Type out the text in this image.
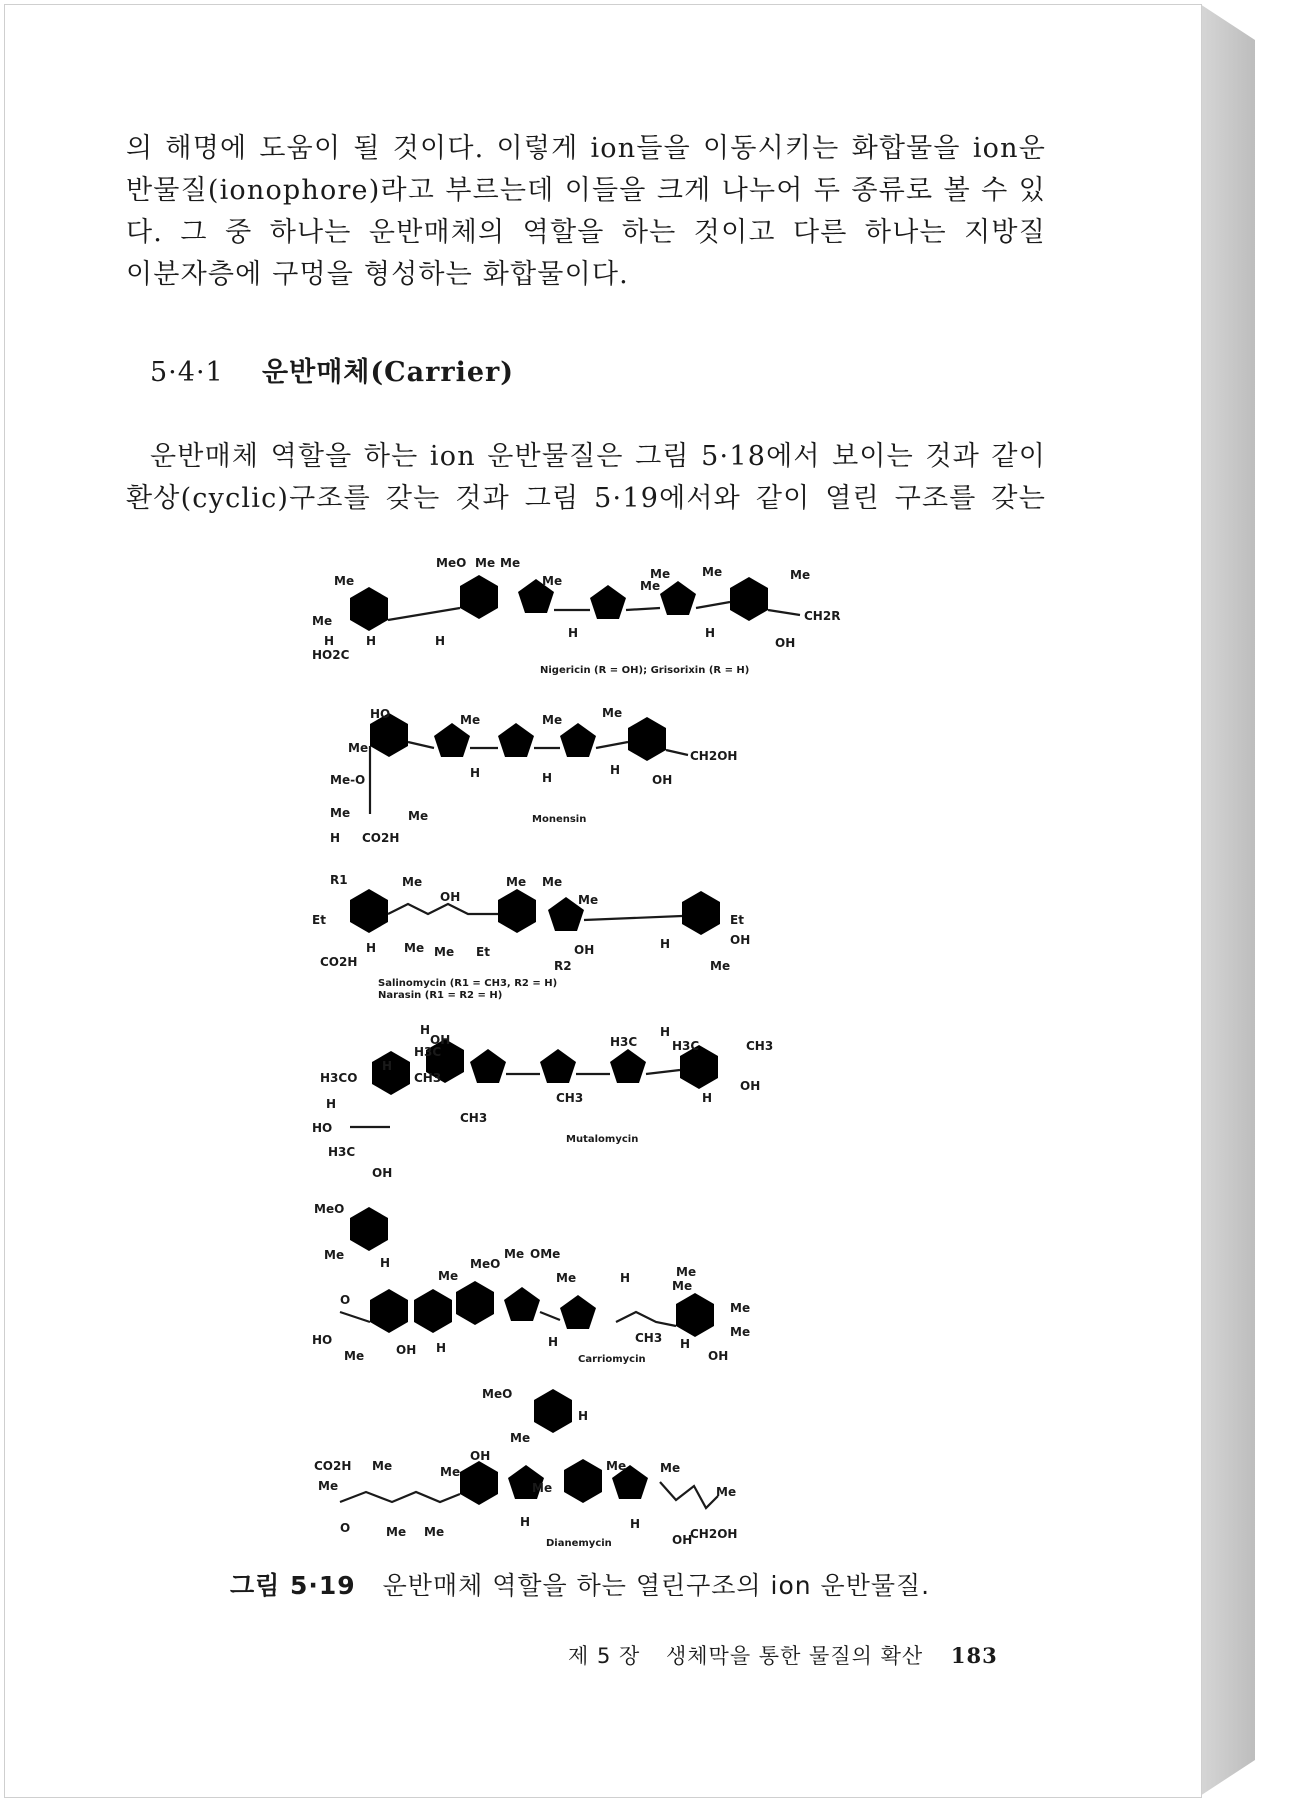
의 해명에 도움이 될 것이다. 이렇게 ion들을 이동시키는 화합물을 ion운
반물질(ionophore)라고 부르는데 이들을 크게 나누어 두 종류로 볼 수 있
다. 그 중 하나는 운반매체의 역할을 하는 것이고 다른 하나는 지방질
이분자층에 구멍을 형성하는 화합물이다.

5·4·1 운반매체(Carrier)

운반매체 역할을 하는 ion 운반물질은 그림 5·18에서 보이는 것과 같이
환상(cyclic)구조를 갖는 것과 그림 5·19에서와 같이 열린 구조를 갖는

MeO Me Me
Me
Me
Me	Me
Me
Me	Me
H	H	H
H	H
HO2C
CH2R
OH
Nigericin (R = OH); Grisorixin (R = H)
HO
Me
Me-O
Me	Me
Me	Me	Me
H CO2H
H	H
H
CH2OH
OH
Monensin
R1	Me
OH
Me Me
Me
Et
CO2H
H Me Me Et	OH
R2
Et
OH
Me
H
Salinomycin (R1 = CH3, R2 = H)
Narasin (R1 = R2 = H)
H
OH
H3C
H3CO
H
CH3
H
HO
H3C
OH
CH3
H3C
H
H3C	CH3
OH
CH3	H
Mutalomycin
MeO
Me
H	MeO
Me OMe
Me	Me	Me
H
Me
Me
O
HO
Me	OH H	H	CH3 H
Me
OH
Carriomycin
MeO
H
Me
OH
CO2H Me
Me
Me
Me
O	Me Me
Me
H	H
Me
Me
OH
CH2OH
Dianemycin

그림 5·19 운반매체 역할을 하는 열린구조의 ion 운반물질.

제 5 장 생체막을 통한 물질의 확산 183
